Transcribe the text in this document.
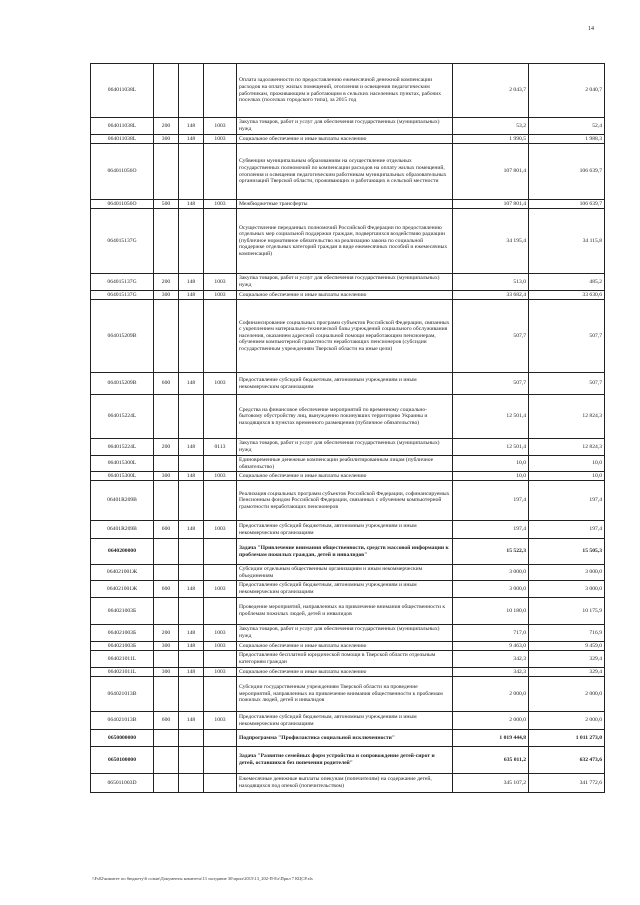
14
064011038L				Оплата задолженности по предоставлению ежемесячной денежной компенсации расходов на оплату жилых помещений, отопления и освещения педагогическим работникам, проживающим и работающим в сельских населенных пунктах, рабочих поселках (поселках городского типа), за 2015 год	2 043,7	2 040,7
064011038L	200	148	1003	Закупка товаров, работ и услуг для обеспечения государственных (муниципальных) нужд	53,2	52,4
064011038L	300	148	1003	Социальное обеспечение и иные выплаты населению	1 990,5	1 988,3
064011056О				Субвенции муниципальным образованиям на осуществление отдельных государственных полномочий по компенсации расходов на оплату жилых помещений, отопления и освещения педагогическим работникам муниципальных образовательных организаций Тверской области, проживающих и работающих в сельской местности	107 801,4	106 639,7
064011056О	500	148	1003	Межбюджетные трансферты	107 801,4	106 639,7
064015137G				Осуществление переданных полномочий Российской Федерации по предоставлению отдельных мер социальной поддержки граждан, подвергшихся воздействию радиации (публичное нормативное обязательство на реализацию закона по социальной поддержке отдельных категорий граждан в виде ежемесячных пособий и ежемесячных компенсаций)	34 195,4	34 115,8
064015137G	200	148	1003	Закупка товаров, работ и услуг для обеспечения государственных (муниципальных) нужд	513,0	485,2
064015137G	300	148	1003	Социальное обеспечение и иные выплаты населению	33 682,4	33 630,6
064015209В				Софинансирование социальных программ субъектов Российской Федерации, связанных с укреплением материально-технической базы учреждений социального обслуживания населения, оказанием адресной социальной помощи неработающим пенсионерам, обучением компьютерной грамотности неработающих пенсионеров (субсидии государственным учреждениям Тверской области на иные цели)	507,7	507,7
064015209В	600	148	1003	Предоставление субсидий бюджетным, автономным учреждениям и иным некоммерческим организациям	507,7	507,7
064015224L				Средства на финансовое обеспечение мероприятий по временному социально-бытовому обустройству лиц, вынужденно покинувших территорию Украины и находящихся в пунктах временного размещения (публичное обязательство)	12 501,4	12 824,3
064015224L	200	148	0113	Закупка товаров, работ и услуг для обеспечения государственных (муниципальных) нужд	12 501,4	12 824,3
064015300L				Единовременные денежные компенсации реабилитированным лицам (публичное обязательство)	10,0	10,0
064015300L	300	148	1003	Социальное обеспечение и иные выплаты населению	10,0	10,0
06401R209В				Реализация социальных программ субъектов Российской Федерации, софинансируемых Пенсионным фондом Российской Федерации, связанных с обучением компьютерной грамотности неработающих пенсионеров	197,4	197,4
06401R209В	600	148	1003	Предоставление субсидий бюджетным, автономным учреждениям и иным некоммерческим организациям	197,4	197,4
0640200000				Задача "Привлечение внимания общественности, средств массовой информации к проблемам пожилых граждан, детей и инвалидов"	15 522,3	15 505,3
064021001Ж				Субсидии отдельным общественным организациям и иным некоммерческим объединениям	3 000,0	3 000,0
064021001Ж	600	148	1003	Предоставление субсидий бюджетным, автономным учреждениям и иным некоммерческим организациям	3 000,0	3 000,0
064021003Б				Проведение мероприятий, направленных на привлечение внимания общественности к проблемам пожилых людей, детей и инвалидов	10 180,0	10 175,9
064021003Б	200	148	1003	Закупка товаров, работ и услуг для обеспечения государственных (муниципальных) нужд	717,0	716,9
064021003Б	300	148	1003	Социальное обеспечение и иные выплаты населению	9 463,0	9 459,0
064021011L				Предоставление бесплатной юридической помощи в Тверской области отдельным категориям граждан	342,3	329,4
064021011L	300	148	1003	Социальное обеспечение и иные выплаты населению	342,3	329,4
064021013В				Субсидии государственным учреждениям Тверской области на проведение мероприятий, направленных на привлечение внимания общественности к проблемам пожилых людей, детей и инвалидов	2 000,0	2 000,0
064021013В	600	148	1003	Предоставление субсидий бюджетным, автономным учреждениям и иным некоммерческим организациям	2 000,0	2 000,0
0650000000				Подпрограмма "Профилактика социальной исключенности"	1 019 444,8	1 011 273,0
0650100000				Задача "Развитие семейных форм устройства и сопровождение детей-сирот и детей, оставшихся без попечения родителей"	635 011,2	632 473,6
065011003D				Ежемесячные денежные выплаты опекунам (попечителям) на содержание детей, находящихся под опекой (попечительством)	345 107,2	341 772,6
\\Fs02\комитет по бюджету\6 созыв\Документы комитета\13 заседание 30\прил\2015\13_202-П-Ел\Прил 7 КЦСР.xls
